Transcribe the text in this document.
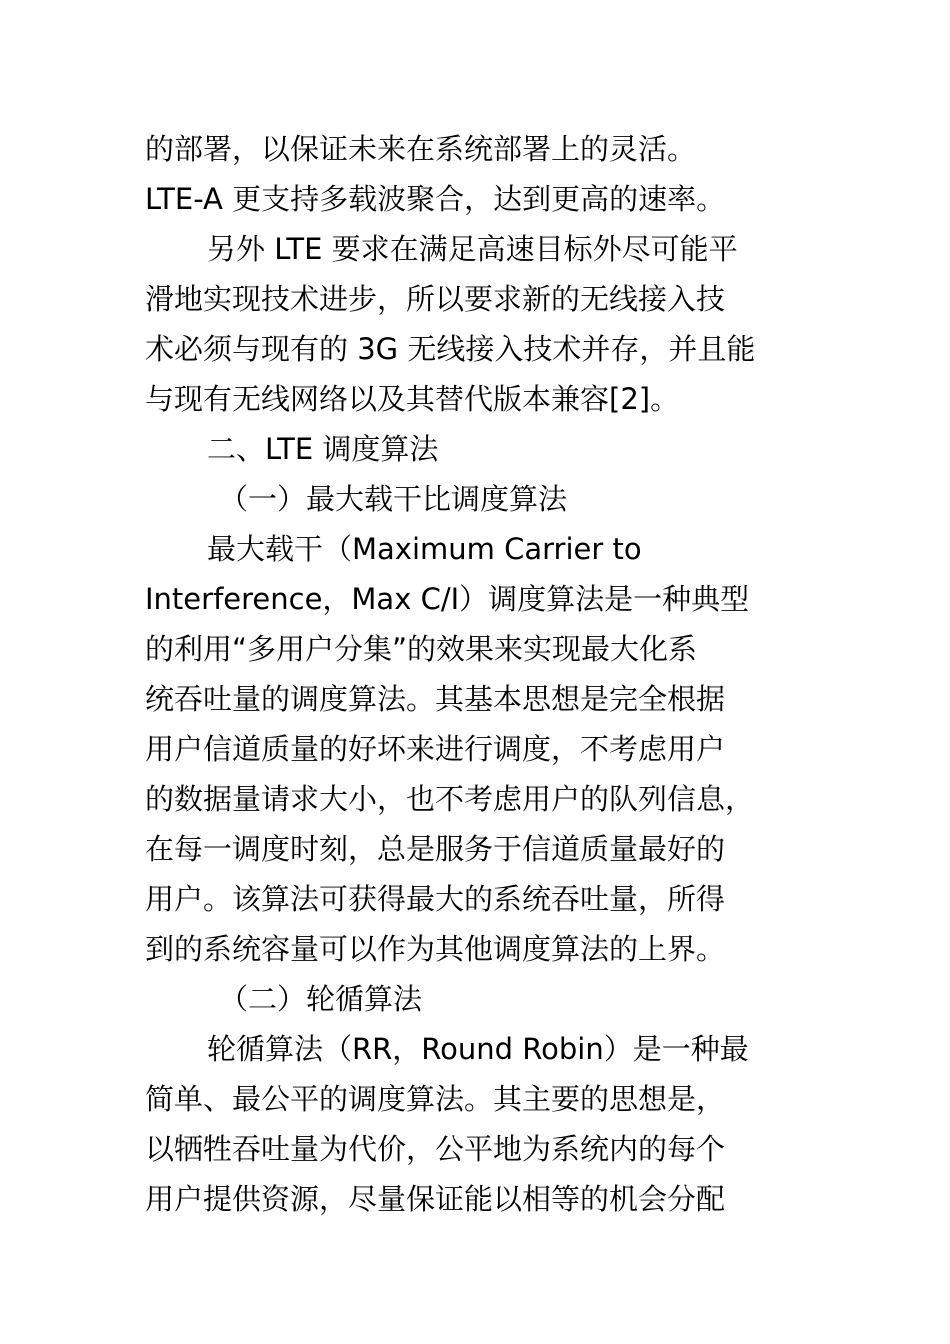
的部署，以保证未来在系统部署上的灵活。
LTE-A 更支持多载波聚合，达到更高的速率。
另外 LTE 要求在满足高速目标外尽可能平
滑地实现技术进步，所以要求新的无线接入技
术必须与现有的 3G 无线接入技术并存，并且能
与现有无线网络以及其替代版本兼容[2]。
二、LTE 调度算法
（一）最大载干比调度算法
最大载干（Maximum Carrier to
Interference，Max C/I）调度算法是一种典型
的利用“多用户分集”的效果来实现最大化系
统吞吐量的调度算法。其基本思想是完全根据
用户信道质量的好坏来进行调度，不考虑用户
的数据量请求大小，也不考虑用户的队列信息，
在每一调度时刻，总是服务于信道质量最好的
用户。该算法可获得最大的系统吞吐量，所得
到的系统容量可以作为其他调度算法的上界。
（二）轮循算法
轮循算法（RR，Round Robin）是一种最
简单、最公平的调度算法。其主要的思想是，
以牺牲吞吐量为代价，公平地为系统内的每个
用户提供资源，尽量保证能以相等的机会分配
